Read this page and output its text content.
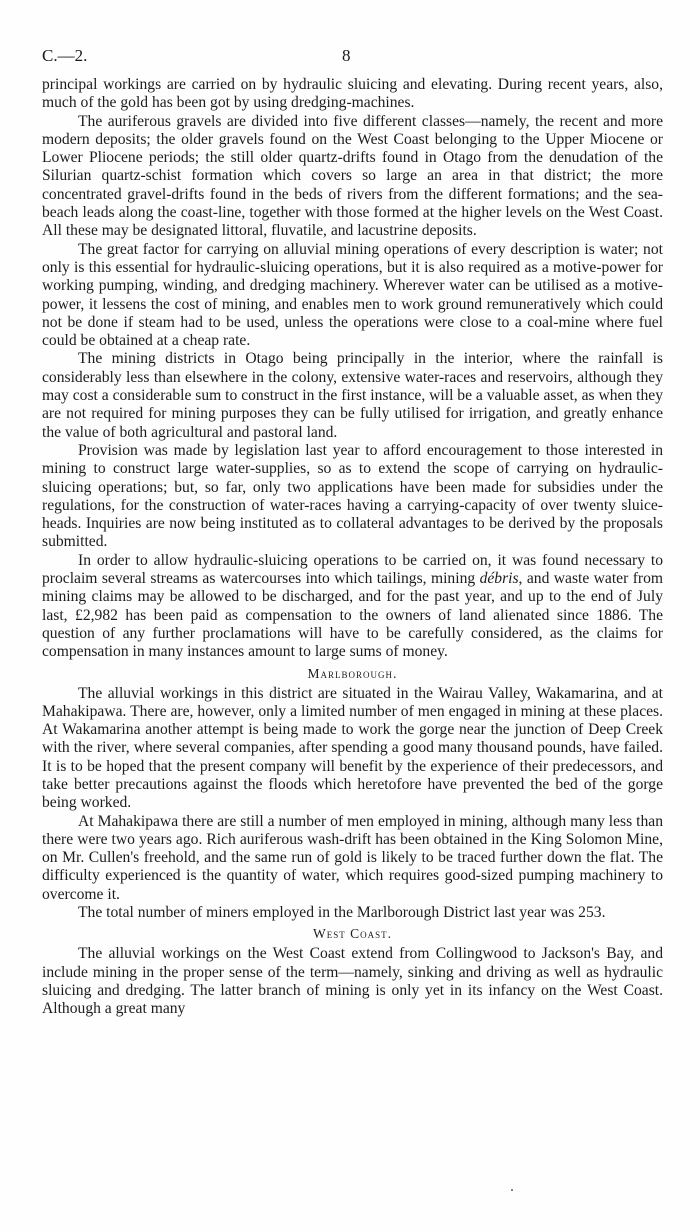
C.—2.	8

principal workings are carried on by hydraulic sluicing and elevating. During recent years, also, much of the gold has been got by using dredging-machines.

The auriferous gravels are divided into five different classes—namely, the recent and more modern deposits; the older gravels found on the West Coast belonging to the Upper Miocene or Lower Pliocene periods; the still older quartz-drifts found in Otago from the denudation of the Silurian quartz-schist formation which covers so large an area in that district; the more concentrated gravel-drifts found in the beds of rivers from the different formations; and the sea-beach leads along the coast-line, together with those formed at the higher levels on the West Coast. All these may be designated littoral, fluvatile, and lacustrine deposits.

The great factor for carrying on alluvial mining operations of every description is water; not only is this essential for hydraulic-sluicing operations, but it is also required as a motive-power for working pumping, winding, and dredging machinery. Wherever water can be utilised as a motive-power, it lessens the cost of mining, and enables men to work ground remuneratively which could not be done if steam had to be used, unless the operations were close to a coal-mine where fuel could be obtained at a cheap rate.

The mining districts in Otago being principally in the interior, where the rainfall is considerably less than elsewhere in the colony, extensive water-races and reservoirs, although they may cost a considerable sum to construct in the first instance, will be a valuable asset, as when they are not required for mining purposes they can be fully utilised for irrigation, and greatly enhance the value of both agricultural and pastoral land.

Provision was made by legislation last year to afford encouragement to those interested in mining to construct large water-supplies, so as to extend the scope of carrying on hydraulic-sluicing operations; but, so far, only two applications have been made for subsidies under the regulations, for the construction of water-races having a carrying-capacity of over twenty sluice-heads. Inquiries are now being instituted as to collateral advantages to be derived by the proposals submitted.

In order to allow hydraulic-sluicing operations to be carried on, it was found necessary to proclaim several streams as watercourses into which tailings, mining débris, and waste water from mining claims may be allowed to be discharged, and for the past year, and up to the end of July last, £2,982 has been paid as compensation to the owners of land alienated since 1886. The question of any further proclamations will have to be carefully considered, as the claims for compensation in many instances amount to large sums of money.

Marlborough.

The alluvial workings in this district are situated in the Wairau Valley, Wakamarina, and at Mahakipawa. There are, however, only a limited number of men engaged in mining at these places. At Wakamarina another attempt is being made to work the gorge near the junction of Deep Creek with the river, where several companies, after spending a good many thousand pounds, have failed. It is to be hoped that the present company will benefit by the experience of their predecessors, and take better precautions against the floods which heretofore have prevented the bed of the gorge being worked.

At Mahakipawa there are still a number of men employed in mining, although many less than there were two years ago. Rich auriferous wash-drift has been obtained in the King Solomon Mine, on Mr. Cullen's freehold, and the same run of gold is likely to be traced further down the flat. The difficulty experienced is the quantity of water, which requires good-sized pumping machinery to overcome it.

The total number of miners employed in the Marlborough District last year was 253.

West Coast.

The alluvial workings on the West Coast extend from Collingwood to Jackson's Bay, and include mining in the proper sense of the term—namely, sinking and driving as well as hydraulic sluicing and dredging. The latter branch of mining is only yet in its infancy on the West Coast. Although a great many
